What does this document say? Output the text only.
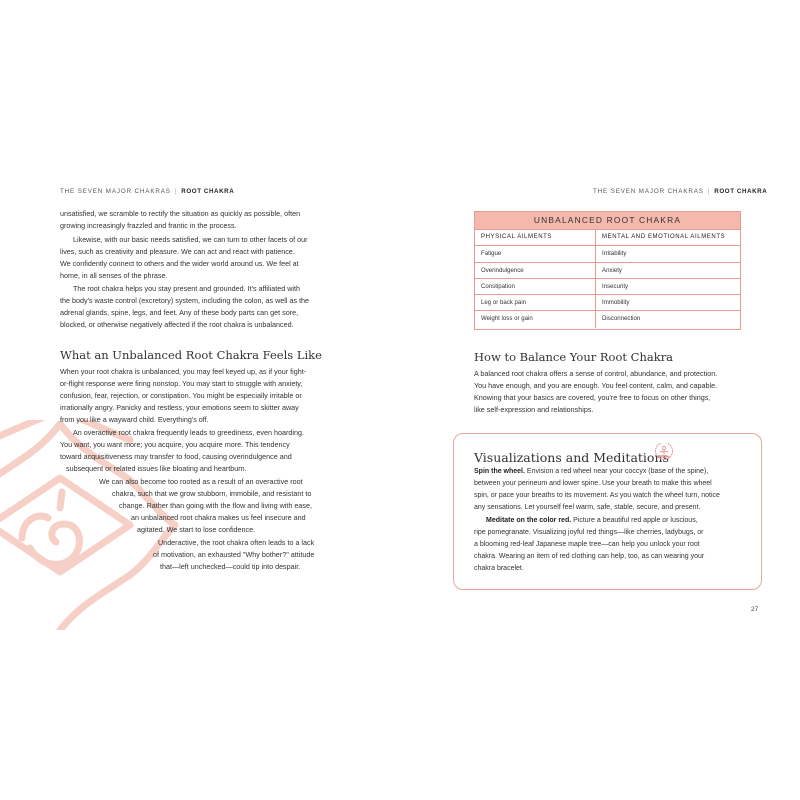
THE SEVEN MAJOR CHAKRAS | ROOT CHAKRA	THE SEVEN MAJOR CHAKRAS | ROOT CHAKRA
unsatisfied, we scramble to rectify the situation as quickly as possible, often
growing increasingly frazzled and frantic in the process.
Likewise, with our basic needs satisfied, we can turn to other facets of our
lives, such as creativity and pleasure. We can act and react with patience.
We confidently connect to others and the wider world around us. We feel at
home, in all senses of the phrase.
The root chakra helps you stay present and grounded. It's affiliated with
the body's waste control (excretory) system, including the colon, as well as the
adrenal glands, spine, legs, and feet. Any of these body parts can get sore,
blocked, or otherwise negatively affected if the root chakra is unbalanced.
What an Unbalanced Root Chakra Feels Like
When your root chakra is unbalanced, you may feel keyed up, as if your fight-
or-flight response were firing nonstop. You may start to struggle with anxiety,
confusion, fear, rejection, or constipation. You might be especially irritable or
irrationally angry. Panicky and restless, your emotions seem to skitter away
from you like a wayward child. Everything's off.
An overactive root chakra frequently leads to greediness, even hoarding.
You want, you want more; you acquire, you acquire more. This tendency
toward acquisitiveness may transfer to food, causing overindulgence and
subsequent or related issues like bloating and heartburn.
We can also become too rooted as a result of an overactive root
chakra, such that we grow stubborn, immobile, and resistant to
change. Rather than going with the flow and living with ease,
an unbalanced root chakra makes us feel insecure and
agitated. We start to lose confidence.
Underactive, the root chakra often leads to a lack
of motivation, an exhausted "Why bother?" attitude
that—left unchecked—could tip into despair.
UNBALANCED ROOT CHAKRA
PHYSICAL AILMENTS	MENTAL AND EMOTIONAL AILMENTS
Fatigue	Irritability
Overindulgence	Anxiety
Constipation	Insecurity
Leg or back pain	Immobility
Weight loss or gain	Disconnection
How to Balance Your Root Chakra
A balanced root chakra offers a sense of control, abundance, and protection.
You have enough, and you are enough. You feel content, calm, and capable.
Knowing that your basics are covered, you're free to focus on other things,
like self-expression and relationships.
Visualizations and Meditations
Spin the wheel. Envision a red wheel near your coccyx (base of the spine),
between your perineum and lower spine. Use your breath to make this wheel
spin, or pace your breaths to its movement. As you watch the wheel turn, notice
any sensations. Let yourself feel warm, safe, stable, secure, and present.
Meditate on the color red. Picture a beautiful red apple or luscious,
ripe pomegranate. Visualizing joyful red things—like cherries, ladybugs, or
a blooming red-leaf Japanese maple tree—can help you unlock your root
chakra. Wearing an item of red clothing can help, too, as can wearing your
chakra bracelet.
27
